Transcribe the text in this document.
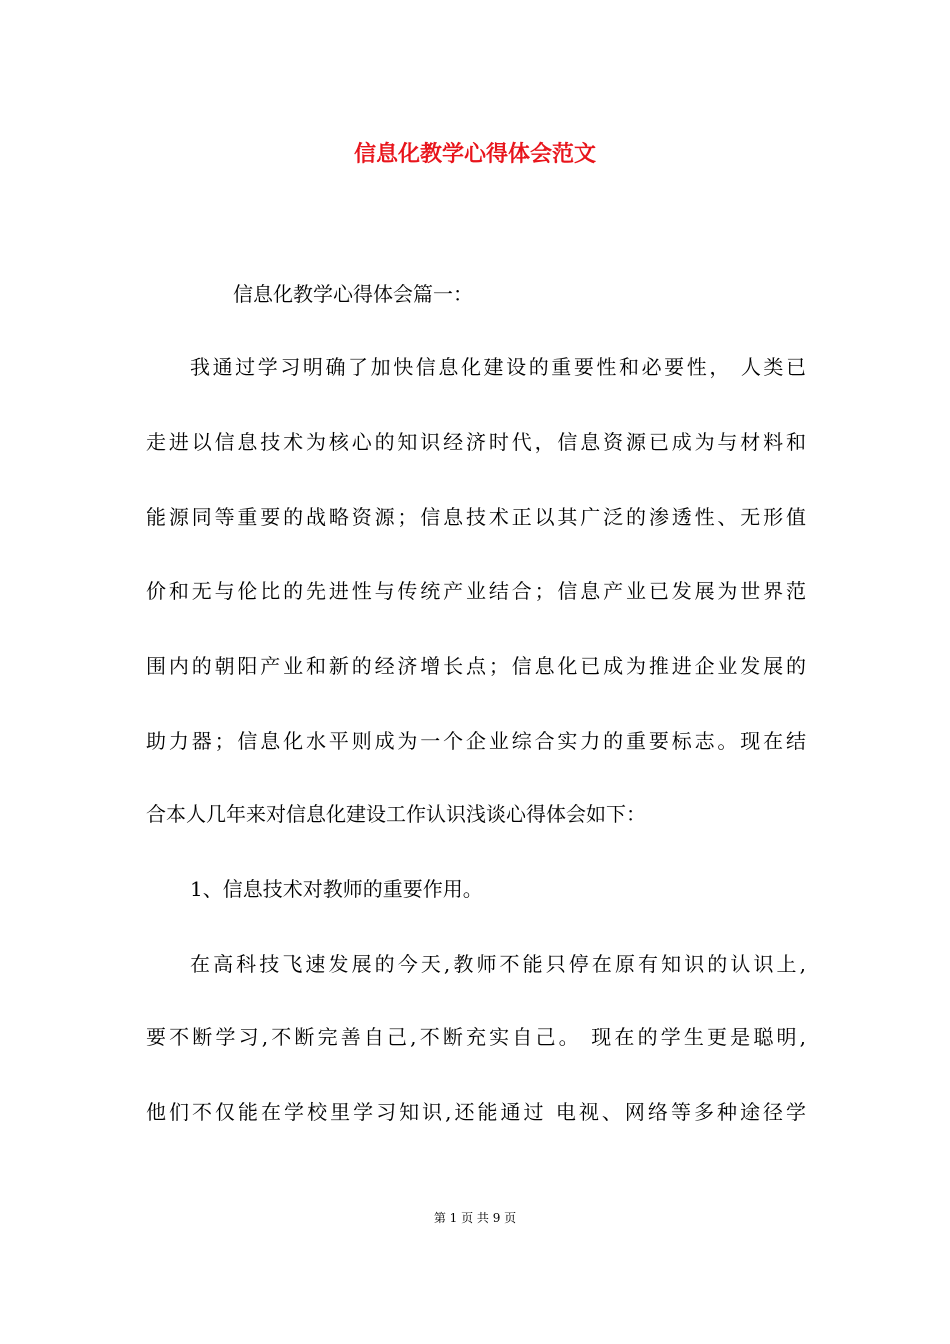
信息化教学心得体会范文

信息化教学心得体会篇一：

我通过学习明确了加快信息化建设的重要性和必要性， 人类已

走进以信息技术为核心的知识经济时代，信息资源已成为与材料和

能源同等重要的战略资源；信息技术正以其广泛的渗透性、无形值

价和无与伦比的先进性与传统产业结合；信息产业已发展为世界范

围内的朝阳产业和新的经济增长点；信息化已成为推进企业发展的

助力器；信息化水平则成为一个企业综合实力的重要标志。现在结

合本人几年来对信息化建设工作认识浅谈心得体会如下：

1、信息技术对教师的重要作用。

在高科技飞速发展的今天,教师不能只停在原有知识的认识上,

要不断学习,不断完善自己,不断充实自己。 现在的学生更是聪明,

他们不仅能在学校里学习知识,还能通过 电视、网络等多种途径学

第 1 页 共 9 页
